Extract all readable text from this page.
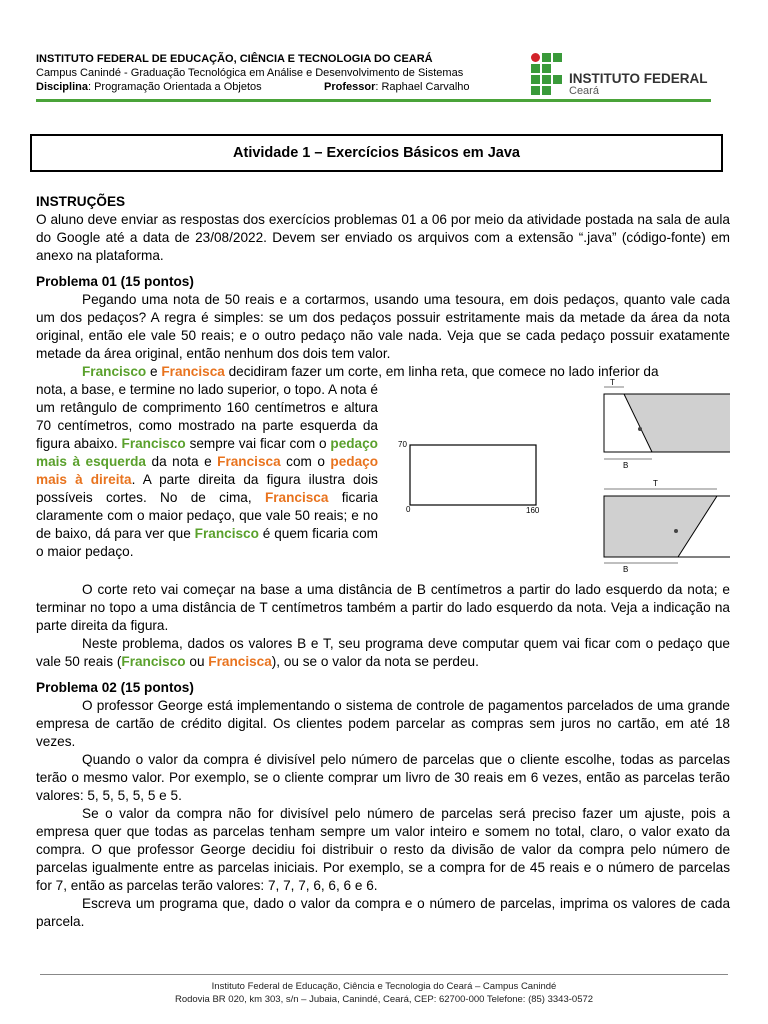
INSTITUTO FEDERAL DE EDUCAÇÃO, CIÊNCIA E TECNOLOGIA DO CEARÁ
Campus Canindé - Graduação Tecnológica em Análise e Desenvolvimento de Sistemas
Disciplina: Programação Orientada a Objetos	Professor: Raphael Carvalho
INSTITUTO FEDERAL
Ceará
Atividade 1 – Exercícios Básicos em Java

INSTRUÇÕES

O aluno deve enviar as respostas dos exercícios problemas 01 a 06 por meio da atividade postada na sala de aula do Google até a data de 23/08/2022. Devem ser enviado os arquivos com a extensão “.java” (código-fonte) em anexo na plataforma.

Problema 01 (15 pontos)

Pegando uma nota de 50 reais e a cortarmos, usando uma tesoura, em dois pedaços, quanto vale cada um dos pedaços? A regra é simples: se um dos pedaços possuir estritamente mais da metade da área da nota original, então ele vale 50 reais; e o outro pedaço não vale nada. Veja que se cada pedaço possuir exatamente metade da área original, então nenhum dos dois tem valor.

Francisco e Francisca decidiram fazer um corte, em linha reta, que comece no lado inferior da

nota, a base, e termine no lado superior, o topo. A nota é um retângulo de comprimento 160 centímetros e altura 70 centímetros, como mostrado na parte esquerda da figura abaixo. Francisco sempre vai ficar com o pedaço mais à esquerda da nota e Francisca com o pedaço mais à direita. A parte direita da figura ilustra dois possíveis cortes. No de cima, Francisca ficaria claramente com o maior pedaço, que vale 50 reais; e no de baixo, dá para ver que Francisco é quem ficaria com o maior pedaço.

70
0	160
T
B
T
B

O corte reto vai começar na base a uma distância de B centímetros a partir do lado esquerdo da nota; e terminar no topo a uma distância de T centímetros também a partir do lado esquerdo da nota. Veja a indicação na parte direita da figura.

Neste problema, dados os valores B e T, seu programa deve computar quem vai ficar com o pedaço que vale 50 reais (Francisco ou Francisca), ou se o valor da nota se perdeu.

Problema 02 (15 pontos)

O professor George está implementando o sistema de controle de pagamentos parcelados de uma grande empresa de cartão de crédito digital. Os clientes podem parcelar as compras sem juros no cartão, em até 18 vezes.

Quando o valor da compra é divisível pelo número de parcelas que o cliente escolhe, todas as parcelas terão o mesmo valor. Por exemplo, se o cliente comprar um livro de 30 reais em 6 vezes, então as parcelas terão valores: 5, 5, 5, 5, 5 e 5.

Se o valor da compra não for divisível pelo número de parcelas será preciso fazer um ajuste, pois a empresa quer que todas as parcelas tenham sempre um valor inteiro e somem no total, claro, o valor exato da compra. O que professor George decidiu foi distribuir o resto da divisão de valor da compra pelo número de parcelas igualmente entre as parcelas iniciais. Por exemplo, se a compra for de 45 reais e o número de parcelas for 7, então as parcelas terão valores: 7, 7, 7, 6, 6, 6 e 6.

Escreva um programa que, dado o valor da compra e o número de parcelas, imprima os valores de cada parcela.

Instituto Federal de Educação, Ciência e Tecnologia do Ceará – Campus Canindé
Rodovia BR 020, km 303, s/n – Jubaia, Canindé, Ceará, CEP: 62700-000 Telefone: (85) 3343-0572
